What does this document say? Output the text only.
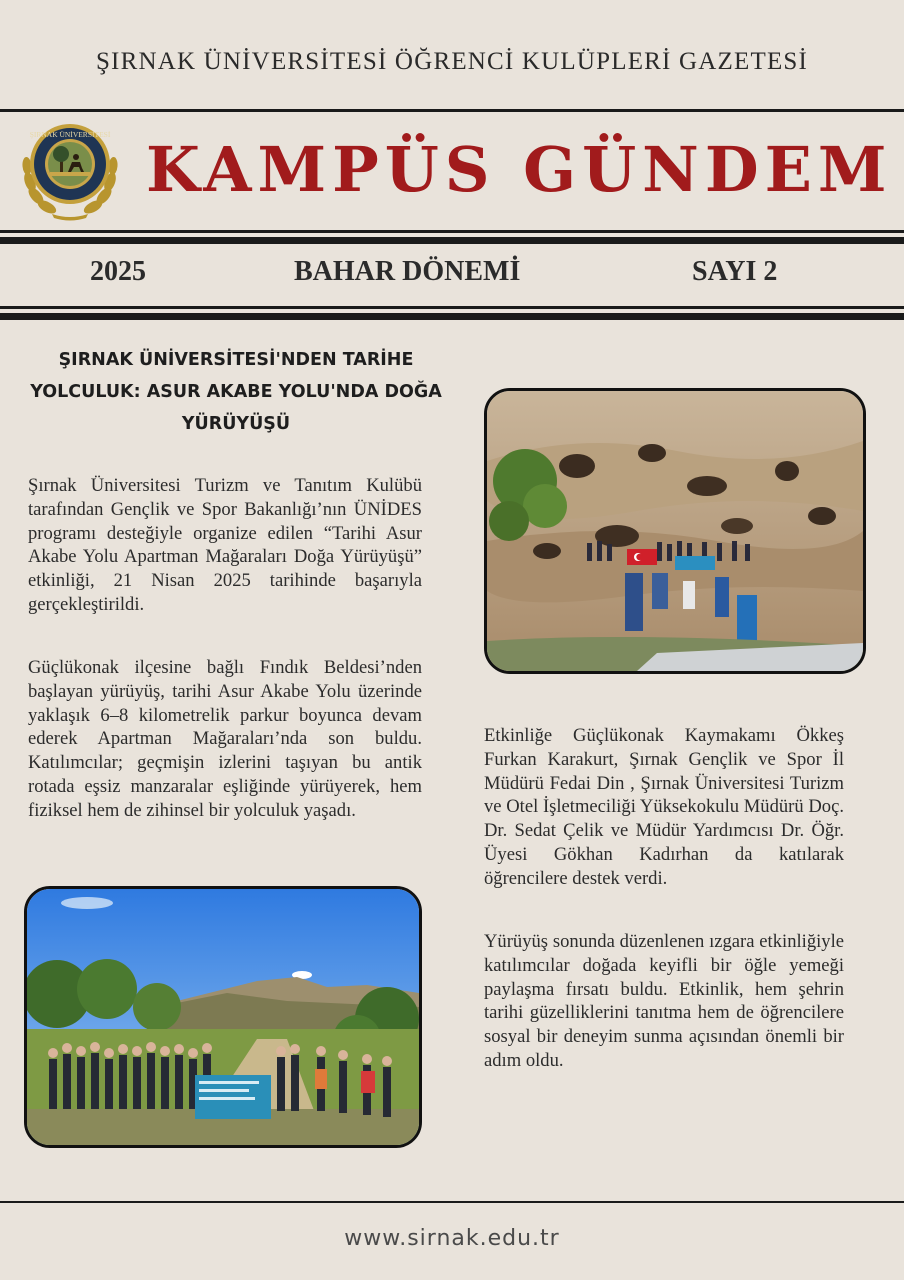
ŞIRNAK ÜNİVERSİTESİ ÖĞRENCİ KULÜPLERİ GAZETESİ
ŞIRNAK ÜNİVERSİTESİ KAMPÜS GÜNDEM
2025	BAHAR DÖNEMİ	SAYI 2
ŞIRNAK ÜNİVERSİTESİ'NDEN TARİHE YOLCULUK: ASUR AKABE YOLU'NDA DOĞA YÜRÜYÜŞÜ
Şırnak Üniversitesi Turizm ve Tanıtım Kulübü tarafından Gençlik ve Spor Bakanlığı’nın ÜNİDES programı desteğiyle organize edilen “Tarihi Asur Akabe Yolu Apartman Mağaraları Doğa Yürüyüşü” etkinliği, 21 Nisan 2025 tarihinde başarıyla gerçekleştirildi.
Güçlükonak ilçesine bağlı Fındık Beldesi’nden başlayan yürüyüş, tarihi Asur Akabe Yolu üzerinde yaklaşık 6–8 kilometrelik parkur boyunca devam ederek Apartman Mağaraları’nda son buldu. Katılımcılar; geçmişin izlerini taşıyan bu antik rotada eşsiz manzaralar eşliğinde yürüyerek, hem fiziksel hem de zihinsel bir yolculuk yaşadı.
Etkinliğe Güçlükonak Kaymakamı Ökkeş Furkan Karakurt, Şırnak Gençlik ve Spor İl Müdürü Fedai Din , Şırnak Üniversitesi Turizm ve Otel İşletmeciliği Yüksekokulu Müdürü Doç. Dr. Sedat Çelik ve Müdür Yardımcısı Dr. Öğr. Üyesi Gökhan Kadırhan da katılarak öğrencilere destek verdi.
Yürüyüş sonunda düzenlenen ızgara etkinliğiyle katılımcılar doğada keyifli bir öğle yemeği paylaşma fırsatı buldu. Etkinlik, hem şehrin tarihi güzelliklerini tanıtma hem de öğrencilere sosyal bir deneyim sunma açısından önemli bir adım oldu.
www.sirnak.edu.tr
